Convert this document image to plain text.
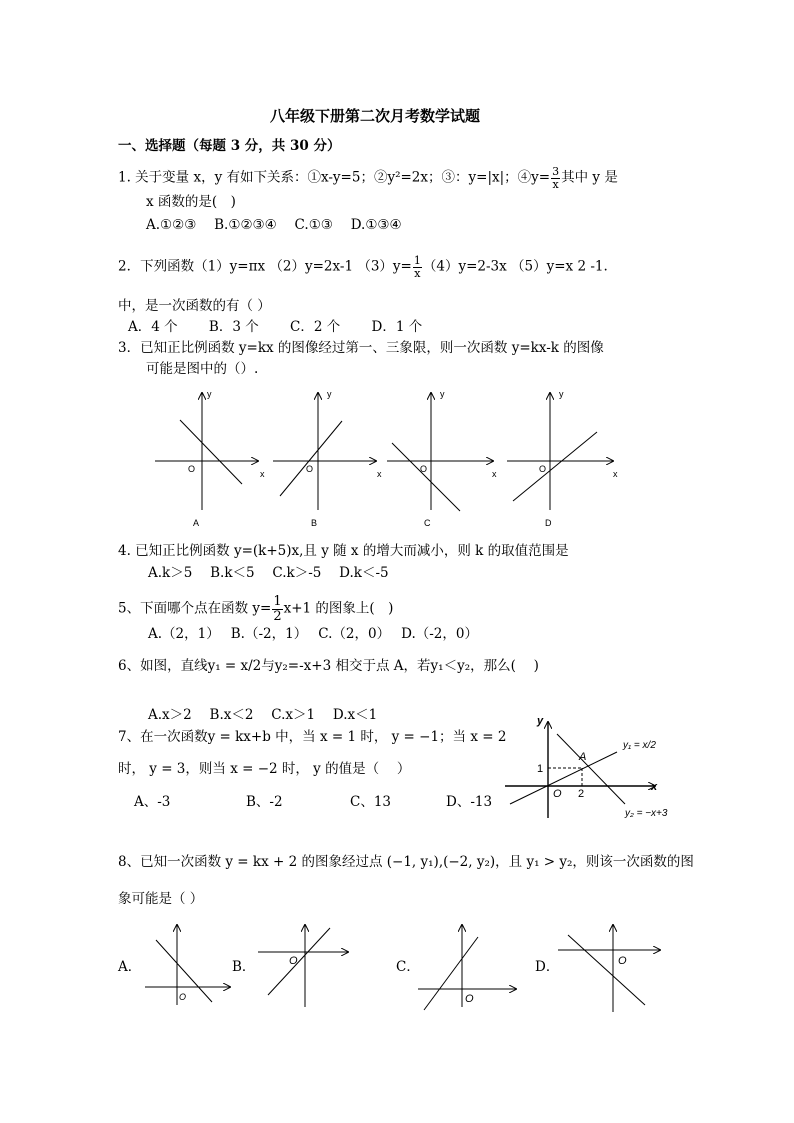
八年级下册第二次月考数学试题
一、选择题（每题 3 分，共 30 分）
1. 关于变量 x，y 有如下关系：①x-y=5；②y²=2x；③：y=|x|；④y= $\frac{3}{x}$ 其中 y 是
x 函数的是(　)
A.①②③　 B.①②③④　 C.①③　 D.①③④
2．下列函数（1）y=πx （2）y=2x-1 $(3)y= \frac{1}{x} (4)y=2-3x$ （5）y=x 2 -1.
中，是一次函数的有（ ）
A．4 个　　 B．3 个　　 C．2 个　　 D．1 个
3．已知正比例函数 y=kx 的图像经过第一、三象限，则一次函数 y=kx-k 的图像
可能是图中的（）.
y
O	x
A
y
O	x
B
y
O	x
C
y
O	x
D
4. 已知正比例函数 y=(k+5)x,且 y 随 x 的增大而减小，则 k 的取值范围是
A.k＞5　 B.k＜5　 C.k＞-5　 D.k＜-5
5、下面哪个点在函数 $y= \frac{1}{2} x+1$ 的图象上(　)
A.（2，1）　 B.（-2，1）　 C.（2，0）　 D.（-2，0）
6、如图，直线y₁ = x/2与y₂=-x+3 相交于点 A，若y₁＜y₂，那么(　 )
A.x＞2　 B.x＜2　 C.x＞1　 D.x＜1	y
x
A
O
1
2
y₁ = x/2
y₂ = −x+3
7、在一次函数y = kx+b 中，当 x = 1 时， y = −1；当 x = 2
时， y = 3，则当 x = −2 时， y 的值是（　 ）
A、-3	B、-2	C、13	D、-13
8、已知一次函数 y = kx + 2 的图象经过点 (−1, y₁),(−2, y₂)，且 y₁ > y₂，则该一次函数的图
象可能是（ ）
A．	B．	C．	D．
O
O
O
O
